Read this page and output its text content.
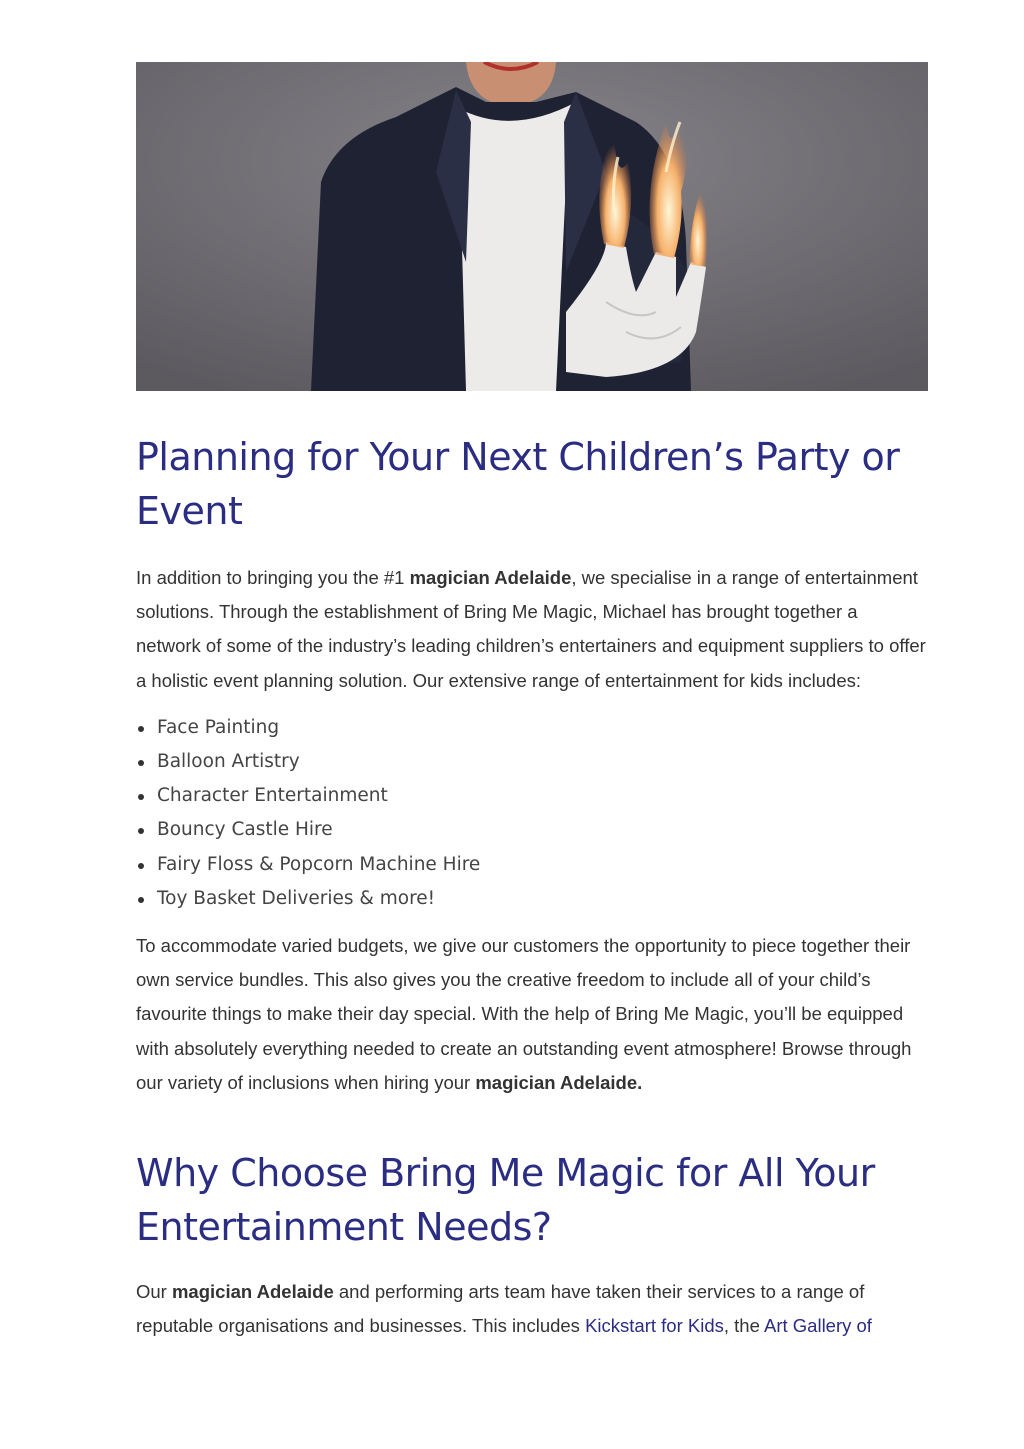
Planning for Your Next Children’s Party or Event

In addition to bringing you the #1 magician Adelaide, we specialise in a range of entertainment solutions. Through the establishment of Bring Me Magic, Michael has brought together a network of some of the industry’s leading children’s entertainers and equipment suppliers to offer a holistic event planning solution. Our extensive range of entertainment for kids includes:

Face Painting
Balloon Artistry
Character Entertainment
Bouncy Castle Hire
Fairy Floss & Popcorn Machine Hire
Toy Basket Deliveries & more!

To accommodate varied budgets, we give our customers the opportunity to piece together their own service bundles. This also gives you the creative freedom to include all of your child’s favourite things to make their day special. With the help of Bring Me Magic, you’ll be equipped with absolutely everything needed to create an outstanding event atmosphere! Browse through our variety of inclusions when hiring your magician Adelaide.

Why Choose Bring Me Magic for All Your Entertainment Needs?

Our magician Adelaide and performing arts team have taken their services to a range of reputable organisations and businesses. This includes Kickstart for Kids, the Art Gallery of
